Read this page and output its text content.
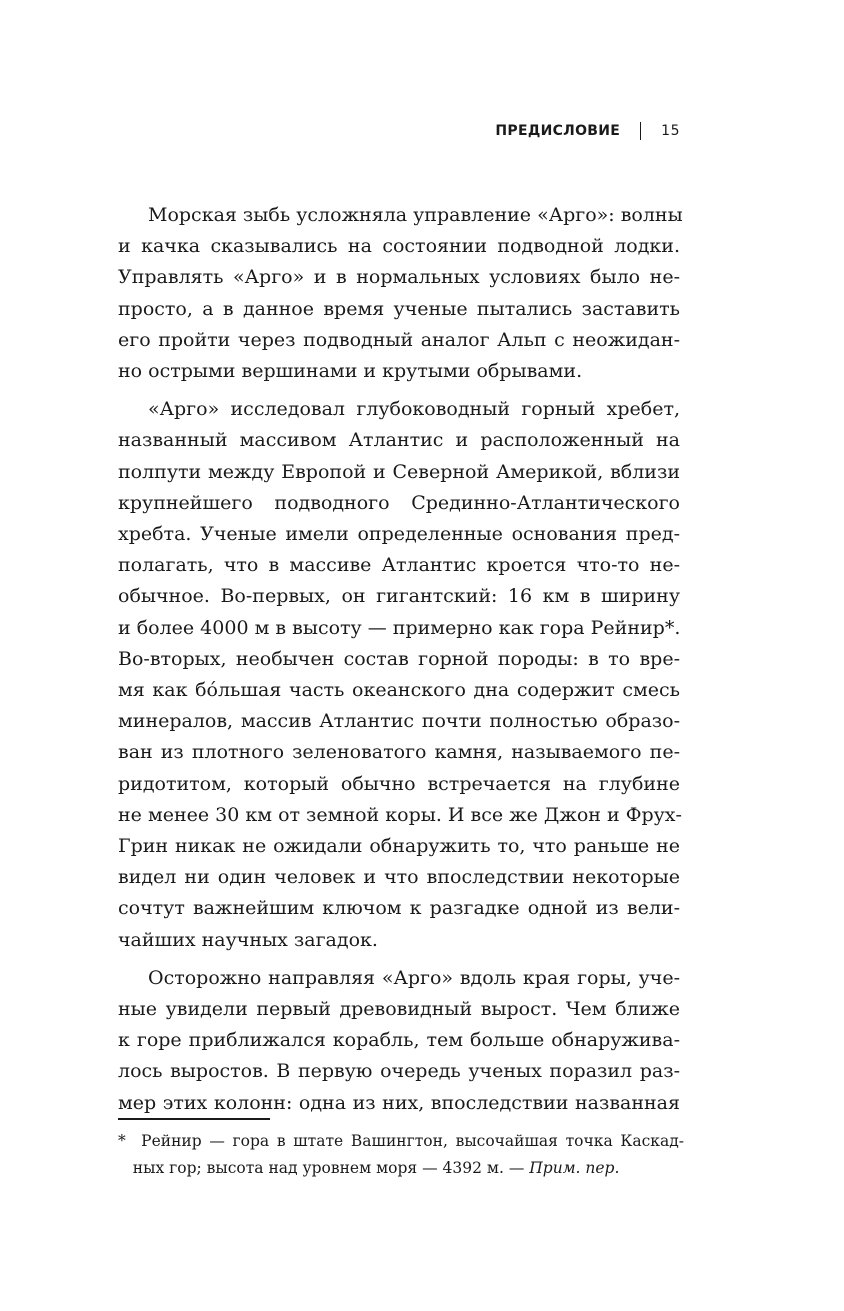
ПРЕДИСЛОВИЕ	15
Морская зыбь усложняла управление «Арго»: волны
и качка сказывались на состоянии подводной лодки.
Управлять «Арго» и в нормальных условиях было не-
просто, а в данное время ученые пытались заставить
его пройти через подводный аналог Альп с неожидан-
но острыми вершинами и крутыми обрывами.
«Арго» исследовал глубоководный горный хребет,
названный массивом Атлантис и расположенный на
полпути между Европой и Северной Америкой, вблизи
крупнейшего подводного Срединно-Атлантического
хребта. Ученые имели определенные основания пред-
полагать, что в массиве Атлантис кроется что-то не-
обычное. Во-первых, он гигантский: 16 км в ширину
и более 4000 м в высоту — примерно как гора Рейнир*.
Во-вторых, необычен состав горной породы: в то вре-
мя как бóльшая часть океанского дна содержит смесь
минералов, массив Атлантис почти полностью образо-
ван из плотного зеленоватого камня, называемого пе-
ридотитом, который обычно встречается на глубине
не менее 30 км от земной коры. И все же Джон и Фрух-
Грин никак не ожидали обнаружить то, что раньше не
видел ни один человек и что впоследствии некоторые
сочтут важнейшим ключом к разгадке одной из вели-
чайших научных загадок.
Осторожно направляя «Арго» вдоль края горы, уче-
ные увидели первый древовидный вырост. Чем ближе
к горе приближался корабль, тем больше обнаружива-
лось выростов. В первую очередь ученых поразил раз-
мер этих колонн: одна из них, впоследствии названная
* Рейнир — гора в штате Вашингтон, высочайшая точка Каскад-
ных гор; высота над уровнем моря — 4392 м. — Прим. пер.
